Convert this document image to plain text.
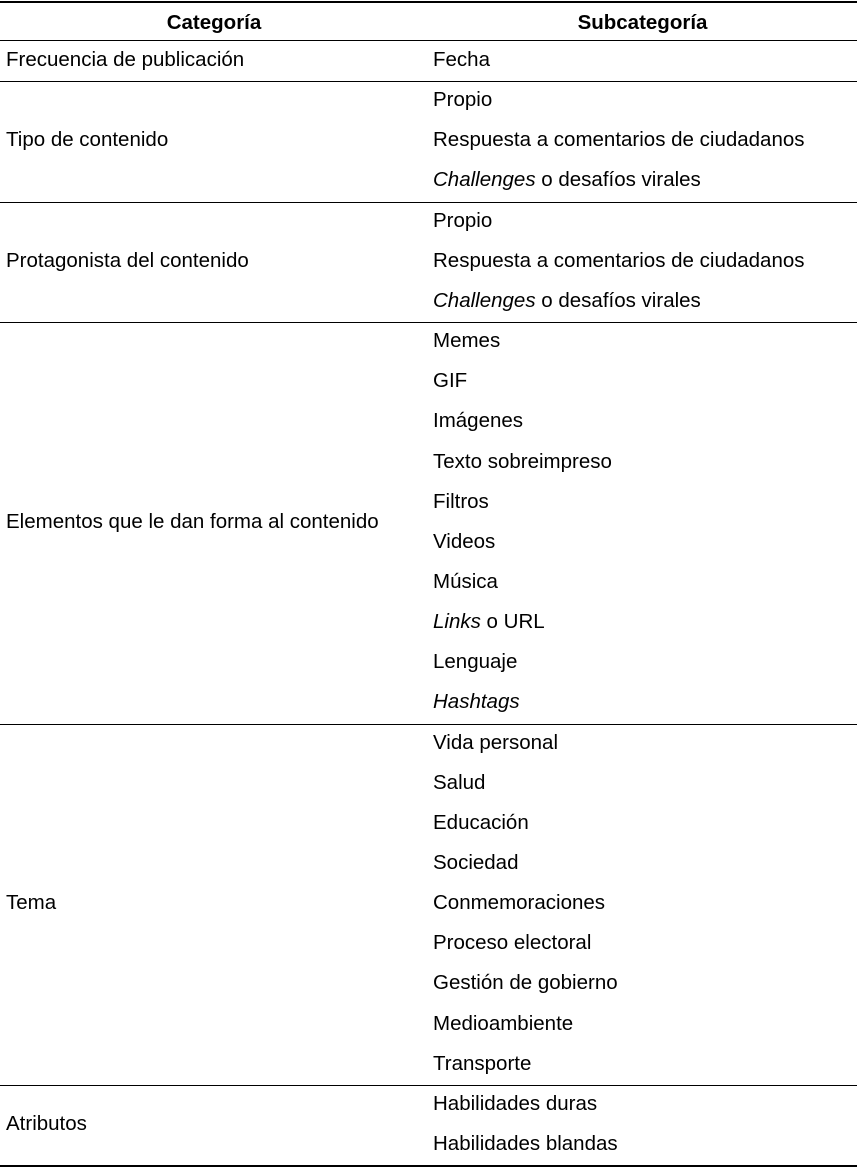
Categoría	Subcategoría
Frecuencia de publicación	Fecha
Tipo de contenido
Propio
Respuesta a comentarios de ciudadanos
Challenges o desafíos virales
Protagonista del contenido
Propio
Respuesta a comentarios de ciudadanos
Challenges o desafíos virales
Elementos que le dan forma al contenido
Memes
GIF
Imágenes
Texto sobreimpreso
Filtros
Videos
Música
Links o URL
Lenguaje
Hashtags
Tema
Vida personal
Salud
Educación
Sociedad
Conmemoraciones
Proceso electoral
Gestión de gobierno
Medioambiente
Transporte
Atributos
Habilidades duras
Habilidades blandas
